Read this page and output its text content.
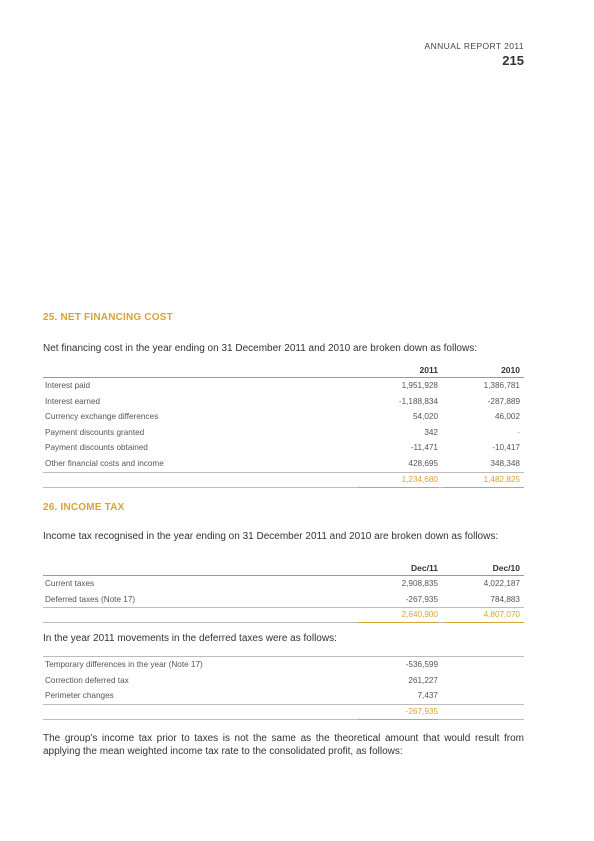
ANNUAL REPORT 2011
215
25. NET FINANCING COST
Net financing cost in the year ending on 31 December 2011 and 2010 are broken down as follows:
2011	2010
Interest paid	1,951,928	1,386,781
Interest earned	-1,188,834	-287,889
Currency exchange differences	54,020	46,002
Payment discounts granted	342	-
Payment discounts obtained	-11,471	-10,417
Other financial costs and income	428,695	348,348
1,234,680	1,482,825
26. INCOME TAX
Income tax recognised in the year ending on 31 December 2011 and 2010 are broken down as follows:
Dec/11	Dec/10
Current taxes	2,908,835	4,022,187
Deferred taxes (Note 17)	-267,935	784,883
2,640,900	4,807,070
In the year 2011 movements in the deferred taxes were as follows:
Temporary differences in the year (Note 17)	-536,599
Correction deferred tax	261,227
Perimeter changes	7,437
-267,935
The group's income tax prior to taxes is not the same as the theoretical amount that would result from applying the mean weighted income tax rate to the consolidated profit, as follows:
